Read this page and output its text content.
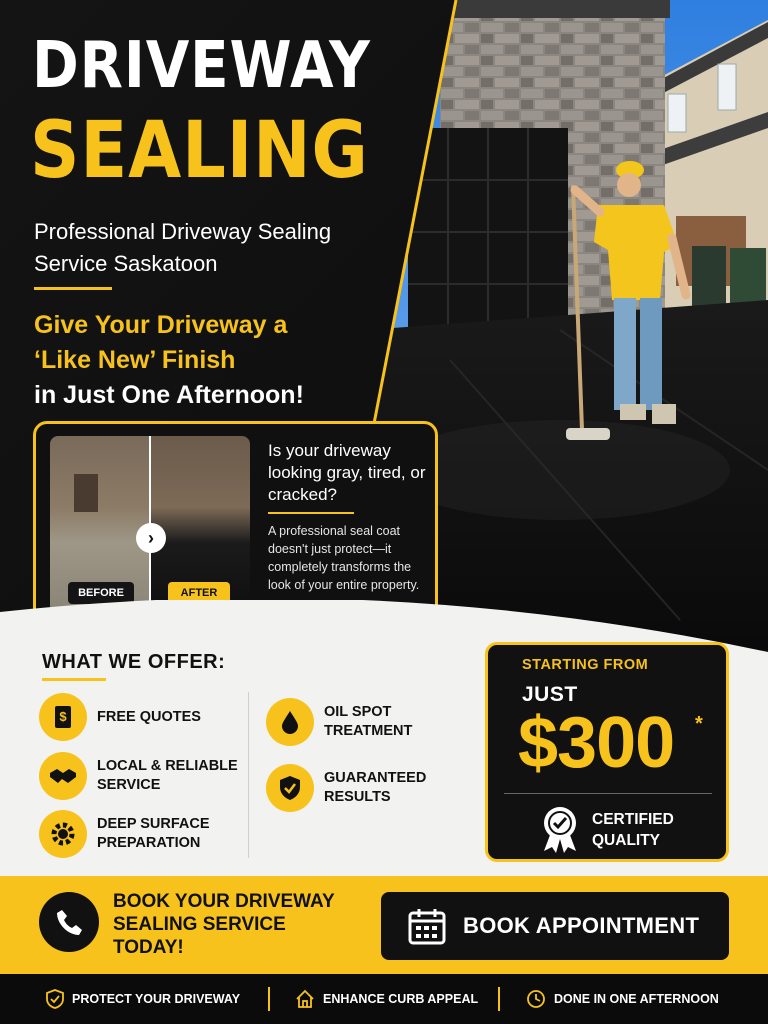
DRIVEWAY
SEALING
Professional Driveway Sealing Service Saskatoon
Give Your Driveway a
‘Like New’ Finish
in Just One Afternoon!
›
BEFORE	AFTER
Is your driveway looking gray, tired, or cracked?
A professional seal coat doesn't just protect—it completely transforms the look of your entire property.
WHAT WE OFFER:
$ FREE QUOTES
LOCAL & RELIABLE SERVICE
DEEP SURFACE PREPARATION
OIL SPOT TREATMENT
GUARANTEED RESULTS
STARTING FROM
JUST
$300 *
CERTIFIED QUALITY
BOOK YOUR DRIVEWAY SEALING SERVICE TODAY!
BOOK APPOINTMENT
PROTECT YOUR DRIVEWAY	ENHANCE CURB APPEAL	DONE IN ONE AFTERNOON
